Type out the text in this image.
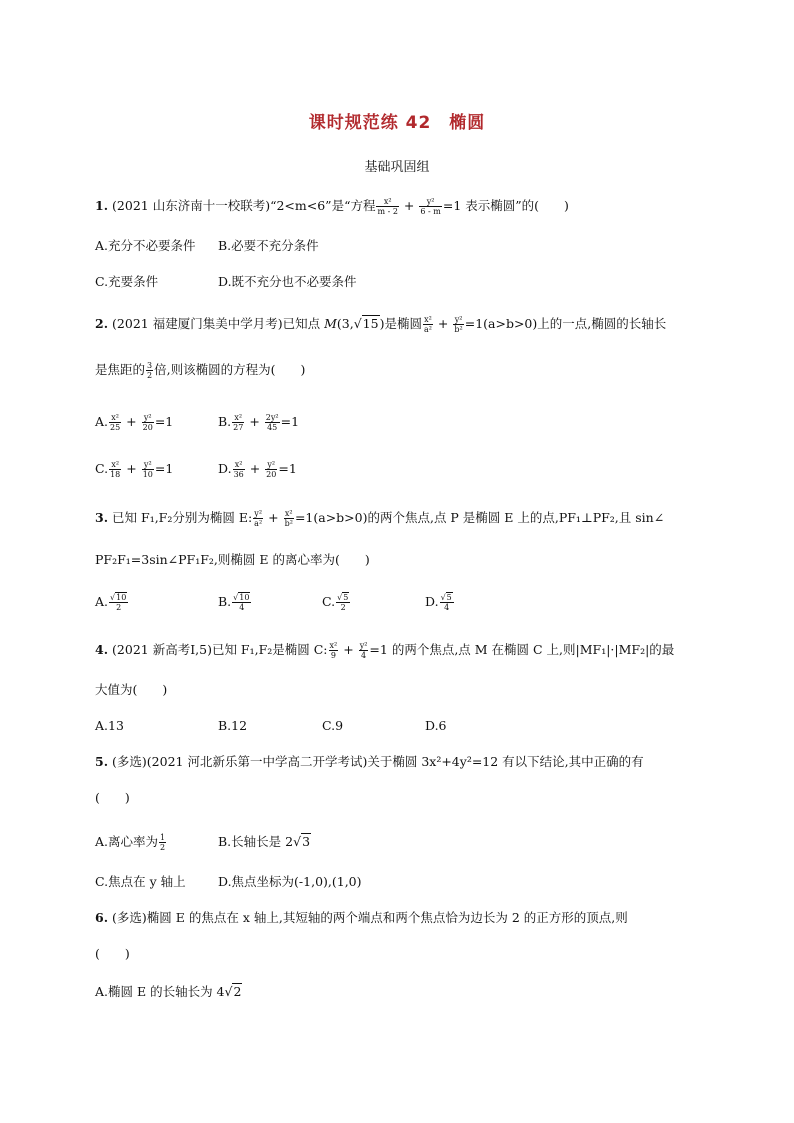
课时规范练 42　椭圆
基础巩固组
1. (2021 山东济南十一校联考)“2<m<6”是“方程 $\frac{\text{x²}}{m - 2} + \frac{\text{y²}}{6 - m} =1$ 表示椭圆”的(　　)
A.充分不必要条件 B.必要不充分条件
C.充要条件	D.既不充分也不必要条件
2. (2021 福建厦门集美中学月考)已知点 M(3,√15)是椭圆 $\frac{\text{x²}}{\text{a²}} + \frac{\text{y²}}{\text{b²}} =1(a>b>0)$上的一点,椭圆的长轴长
是焦距的 $\frac{3}{2}$ 倍,则该椭圆的方程为(　　)
A. $\frac{\text{x²}}{25} + \frac{\text{y²}}{20} =1$	B. $\frac{\text{x²}}{27} + \frac{\text{2y²}}{45} =1$
C. $\frac{\text{x²}}{18} + \frac{\text{y²}}{10} =1$	D. $\frac{\text{x²}}{36} + \frac{\text{y²}}{20} =1$
3. 已知 F₁,F₂分别为椭圆 E: $\frac{\text{y²}}{\text{a²}} + \frac{\text{x²}}{\text{b²}} =1(a>b>0)$的两个焦点,点 P 是椭圆 E 上的点,PF₁⊥PF₂,且 sin∠
PF₂F₁=3sin∠PF₁F₂,则椭圆 E 的离心率为(　　)
A. $\frac{√10}{2}$	B. $\frac{√10}{4}$	C. $\frac{√5}{2}$	D. $\frac{√5}{4}$
4. (2021 新高考Ⅰ,5)已知 F₁,F₂是椭圆 C: $\frac{\text{x²}}{9} + \frac{\text{y²}}{4} =1$ 的两个焦点,点 M 在椭圆 C 上,则|MF₁|·|MF₂|的最
大值为(　　)
A.13	B.12	C.9	D.6
5. (多选)(2021 河北新乐第一中学高二开学考试)关于椭圆 3x²+4y²=12 有以下结论,其中正确的有
(　　)
A.离心率为 $\frac{1}{2}$	B.长轴长是 2√3
C.焦点在 y 轴上	D.焦点坐标为(-1,0),(1,0)
6. (多选)椭圆 E 的焦点在 x 轴上,其短轴的两个端点和两个焦点恰为边长为 2 的正方形的顶点,则
(　　)
A.椭圆 E 的长轴长为 4√2
